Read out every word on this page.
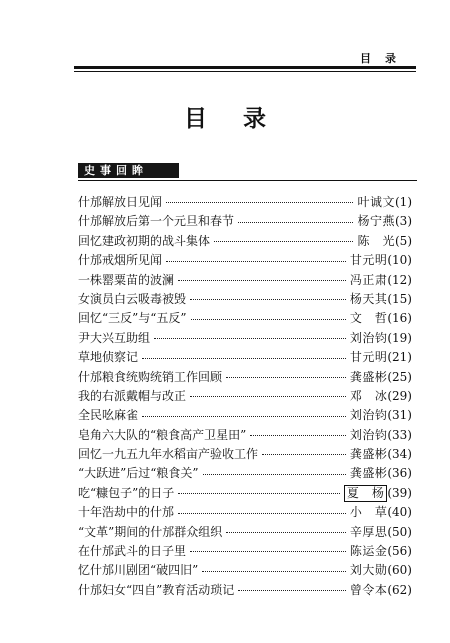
目录
目录
史事回眸
什邡解放日见闻	叶诚文 (1)
什邡解放后第一个元旦和春节	杨宁燕 (3)
回忆建政初期的战斗集体	陈　光 (5)
什邡戒烟所见闻	甘元明 (10)
一株罂粟苗的波澜	冯正肃 (12)
女演员白云吸毒被毁	杨天其 (15)
回忆“三反”与“五反”	文　哲 (16)
尹大兴互助组	刘治钧 (19)
草地侦察记	甘元明 (21)
什邡粮食统购统销工作回顾	龚盛彬 (25)
我的右派戴帽与改正	邓　冰 (29)
全民吆麻雀	刘治钧 (31)
皂角六大队的“粮食高产卫星田”	刘治钧 (33)
回忆一九五九年水稻亩产验收工作	龚盛彬 (34)
“大跃进”后过“粮食关”	龚盛彬 (36)
吃“糠包子”的日子	夏　杨 (39)
十年浩劫中的什邡	小　草 (40)
“文革”期间的什邡群众组织	辛厚思 (50)
在什邡武斗的日子里	陈运金 (56)
忆什邡川剧团“破四旧”	刘大勋 (60)
什邡妇女“四自”教育活动琐记	曾令本 (62)
